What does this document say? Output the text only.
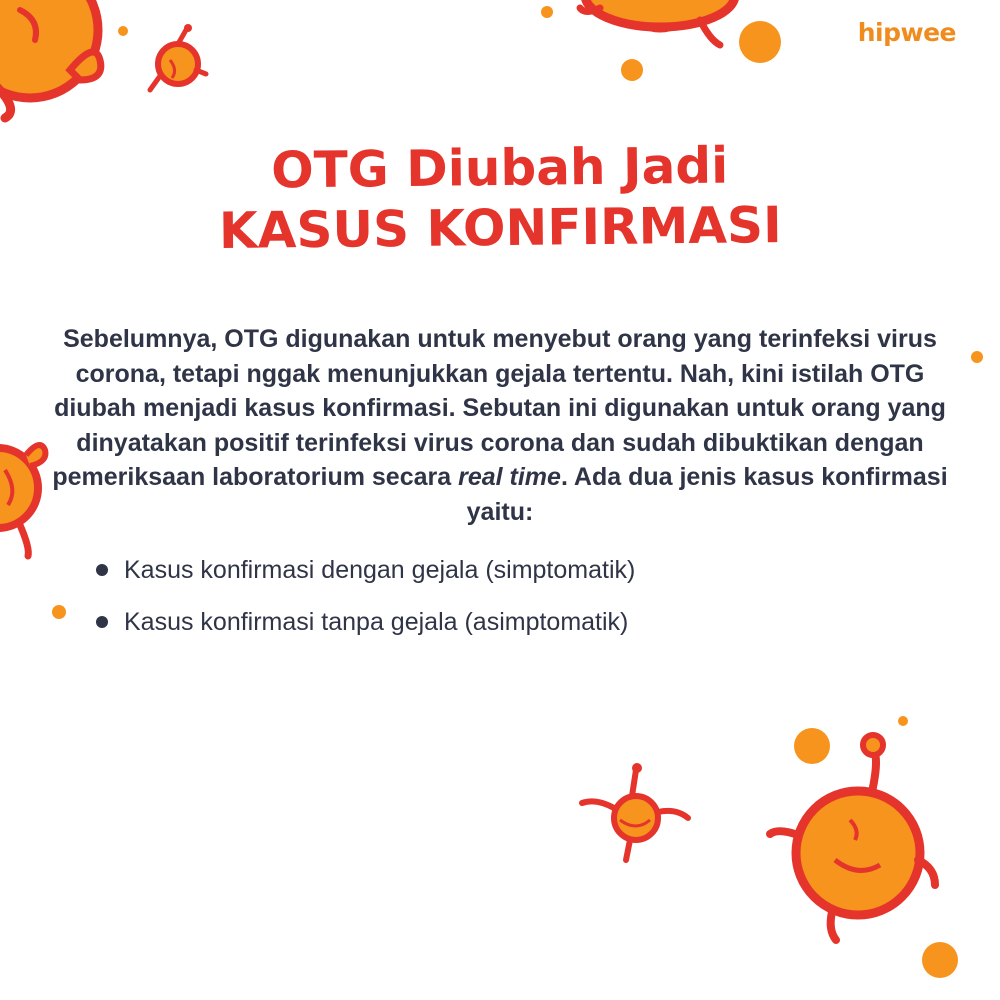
hipwee
OTG Diubah Jadi
KASUS KONFIRMASI
Sebelumnya, OTG digunakan untuk menyebut orang yang terinfeksi virus corona, tetapi nggak menunjukkan gejala tertentu. Nah, kini istilah OTG diubah menjadi kasus konfirmasi. Sebutan ini digunakan untuk orang yang dinyatakan positif terinfeksi virus corona dan sudah dibuktikan dengan pemeriksaan laboratorium secara real time. Ada dua jenis kasus konfirmasi yaitu:
Kasus konfirmasi dengan gejala (simptomatik)
Kasus konfirmasi tanpa gejala (asimptomatik)
